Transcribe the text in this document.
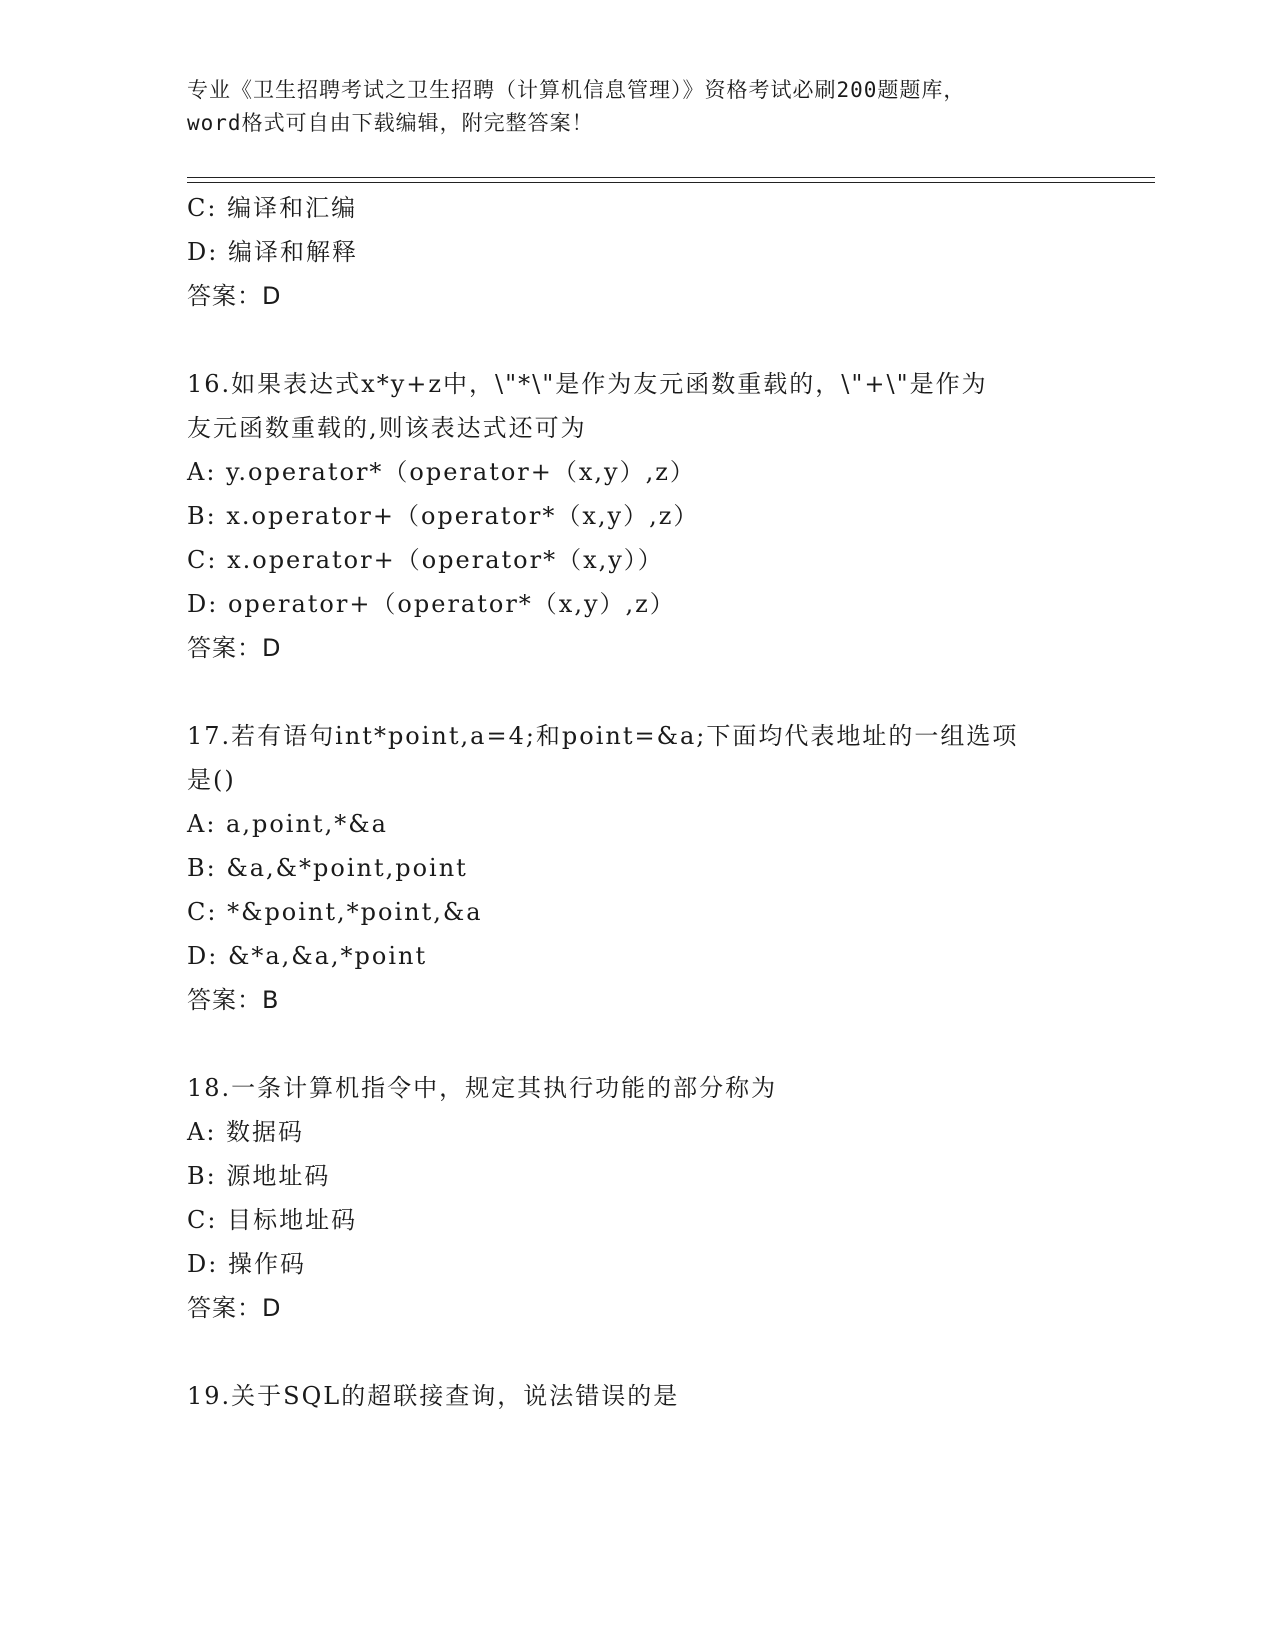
专业《卫生招聘考试之卫生招聘（计算机信息管理）》资格考试必刷200题题库，
word格式可自由下载编辑，附完整答案！
C: 编译和汇编
D: 编译和解释
答案：D
16.如果表达式x*y+z中，\"*\"是作为友元函数重载的，\"+\"是作为
友元函数重载的,则该表达式还可为
A: y.operator*（operator+（x,y）,z）
B: x.operator+（operator*（x,y）,z）
C: x.operator+（operator*（x,y））
D: operator+（operator*（x,y）,z）
答案：D
17.若有语句int*point,a=4;和point=&a;下面均代表地址的一组选项
是()
A: a,point,*&a
B: &a,&*point,point
C: *&point,*point,&a
D: &*a,&a,*point
答案：B
18.一条计算机指令中，规定其执行功能的部分称为
A: 数据码
B: 源地址码
C: 目标地址码
D: 操作码
答案：D
19.关于SQL的超联接查询，说法错误的是
